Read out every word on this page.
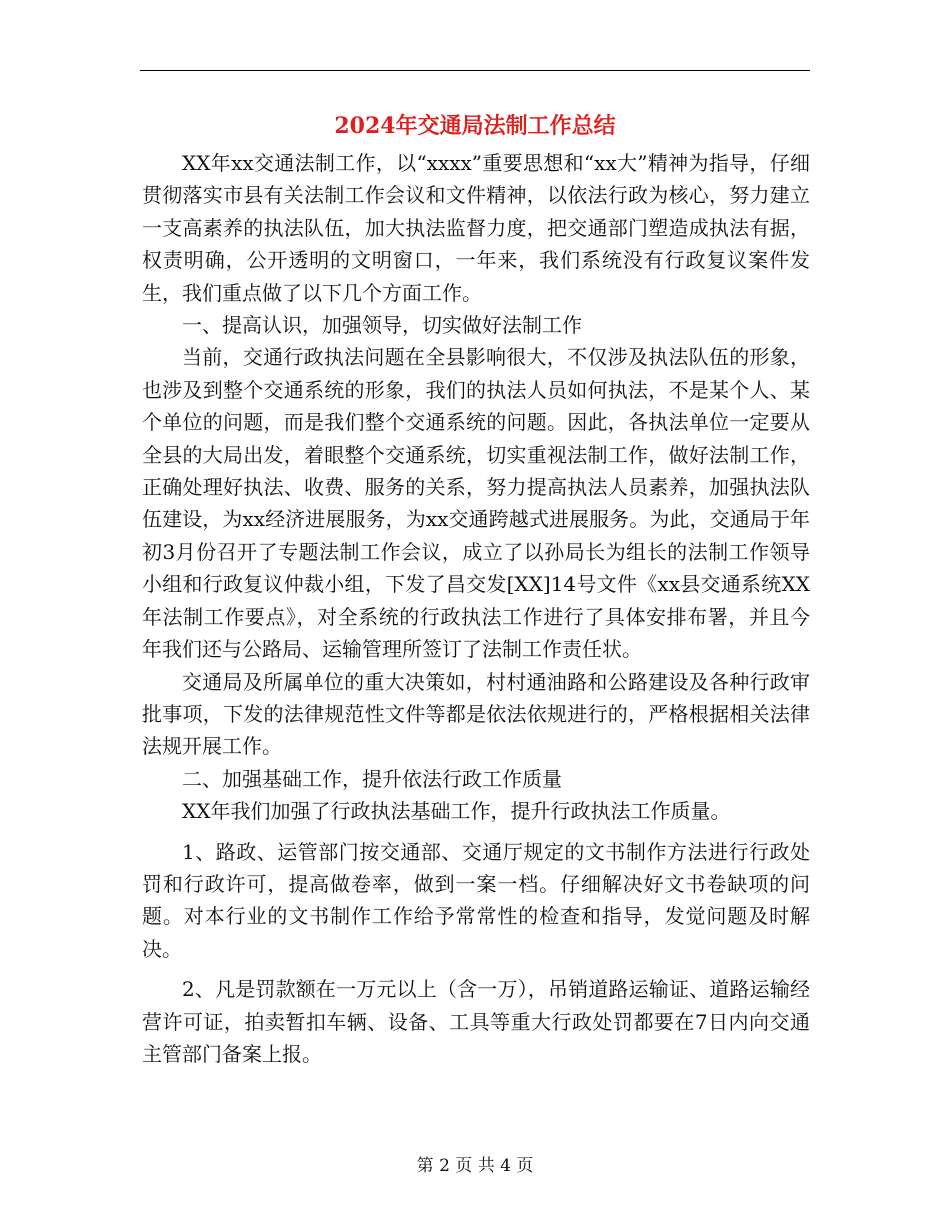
2024年交通局法制工作总结

XX年xx交通法制工作，以“xxxx”重要思想和“xx大”精神为指导，仔细贯彻落实市县有关法制工作会议和文件精神，以依法行政为核心，努力建立一支高素养的执法队伍，加大执法监督力度，把交通部门塑造成执法有据，权责明确，公开透明的文明窗口，一年来，我们系统没有行政复议案件发生，我们重点做了以下几个方面工作。

一、提高认识，加强领导，切实做好法制工作

当前，交通行政执法问题在全县影响很大，不仅涉及执法队伍的形象，也涉及到整个交通系统的形象，我们的执法人员如何执法，不是某个人、某个单位的问题，而是我们整个交通系统的问题。因此，各执法单位一定要从全县的大局出发，着眼整个交通系统，切实重视法制工作，做好法制工作，正确处理好执法、收费、服务的关系，努力提高执法人员素养，加强执法队伍建设，为xx经济进展服务，为xx交通跨越式进展服务。为此，交通局于年初3月份召开了专题法制工作会议，成立了以孙局长为组长的法制工作领导小组和行政复议仲裁小组，下发了昌交发[XX]14号文件《xx县交通系统XX年法制工作要点》，对全系统的行政执法工作进行了具体安排布署，并且今年我们还与公路局、运输管理所签订了法制工作责任状。

交通局及所属单位的重大决策如，村村通油路和公路建设及各种行政审批事项，下发的法律规范性文件等都是依法依规进行的，严格根据相关法律法规开展工作。

二、加强基础工作，提升依法行政工作质量

XX年我们加强了行政执法基础工作，提升行政执法工作质量。

1、路政、运管部门按交通部、交通厅规定的文书制作方法进行行政处罚和行政许可，提高做卷率，做到一案一档。仔细解决好文书卷缺项的问题。对本行业的文书制作工作给予常常性的检查和指导，发觉问题及时解决。

2、凡是罚款额在一万元以上（含一万），吊销道路运输证、道路运输经营许可证，拍卖暂扣车辆、设备、工具等重大行政处罚都要在7日内向交通主管部门备案上报。

第 2 页 共 4 页
